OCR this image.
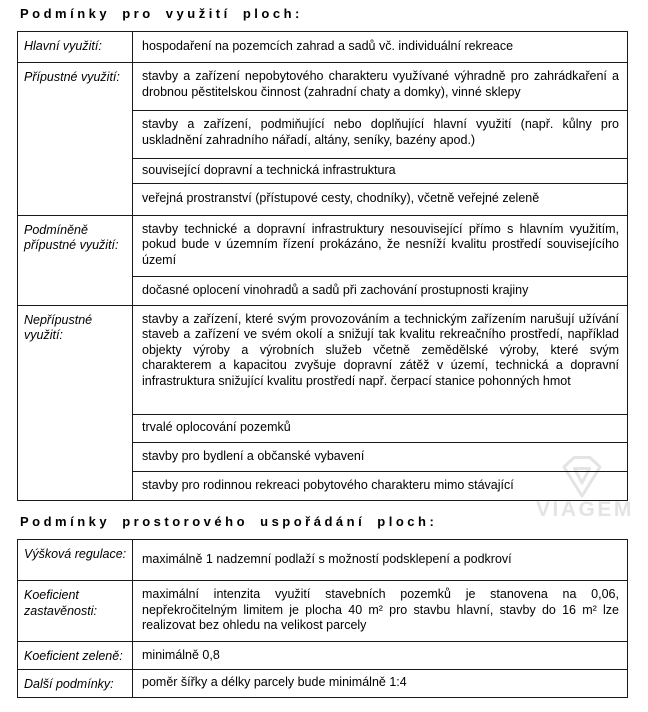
VIAGEM
Podmínky pro využití ploch:
Hlavní využití:	hospodaření na pozemcích zahrad a sadů vč. individuální rekreace
Přípustné využití:	stavby a zařízení nepobytového charakteru využívané výhradně pro zahrádkaření a drobnou pěstitelskou činnost (zahradní chaty a domky), vinné sklepy
	stavby a zařízení, podmiňující nebo doplňující hlavní využití (např. kůlny pro uskladnění zahradního nářadí, altány, seníky, bazény apod.)
	související dopravní a technická infrastruktura
	veřejná prostranství (přístupové cesty, chodníky), včetně veřejné zeleně
Podmíněně přípustné využití:	stavby technické a dopravní infrastruktury nesouvisející přímo s hlavním využitím, pokud bude v územním řízení prokázáno, že nesníží kvalitu prostředí souvisejícího území
	dočasné oplocení vinohradů a sadů při zachování prostupnosti krajiny
Nepřípustné využití:	stavby a zařízení, které svým provozováním a technickým zařízením narušují užívání staveb a zařízení ve svém okolí a snižují tak kvalitu rekreačního prostředí, například objekty výroby a výrobních služeb včetně zemědělské výroby, které svým charakterem a kapacitou zvyšuje dopravní zátěž v území, technická a dopravní infrastruktura snižující kvalitu prostředí např. čerpací stanice pohonných hmot
	trvalé oplocování pozemků
	stavby pro bydlení a občanské vybavení
	stavby pro rodinnou rekreaci pobytového charakteru mimo stávající
Podmínky prostorového uspořádání ploch:
Výšková regulace:	maximálně 1 nadzemní podlaží s možností podsklepení a podkroví
Koeficient zastavěnosti:	maximální intenzita využití stavebních pozemků je stanovena na 0,06, nepřekročitelným limitem je plocha 40 m² pro stavbu hlavní, stavby do 16 m² lze realizovat bez ohledu na velikost parcely
Koeficient zeleně:	minimálně 0,8
Další podmínky:	poměr šířky a délky parcely bude minimálně 1:4
